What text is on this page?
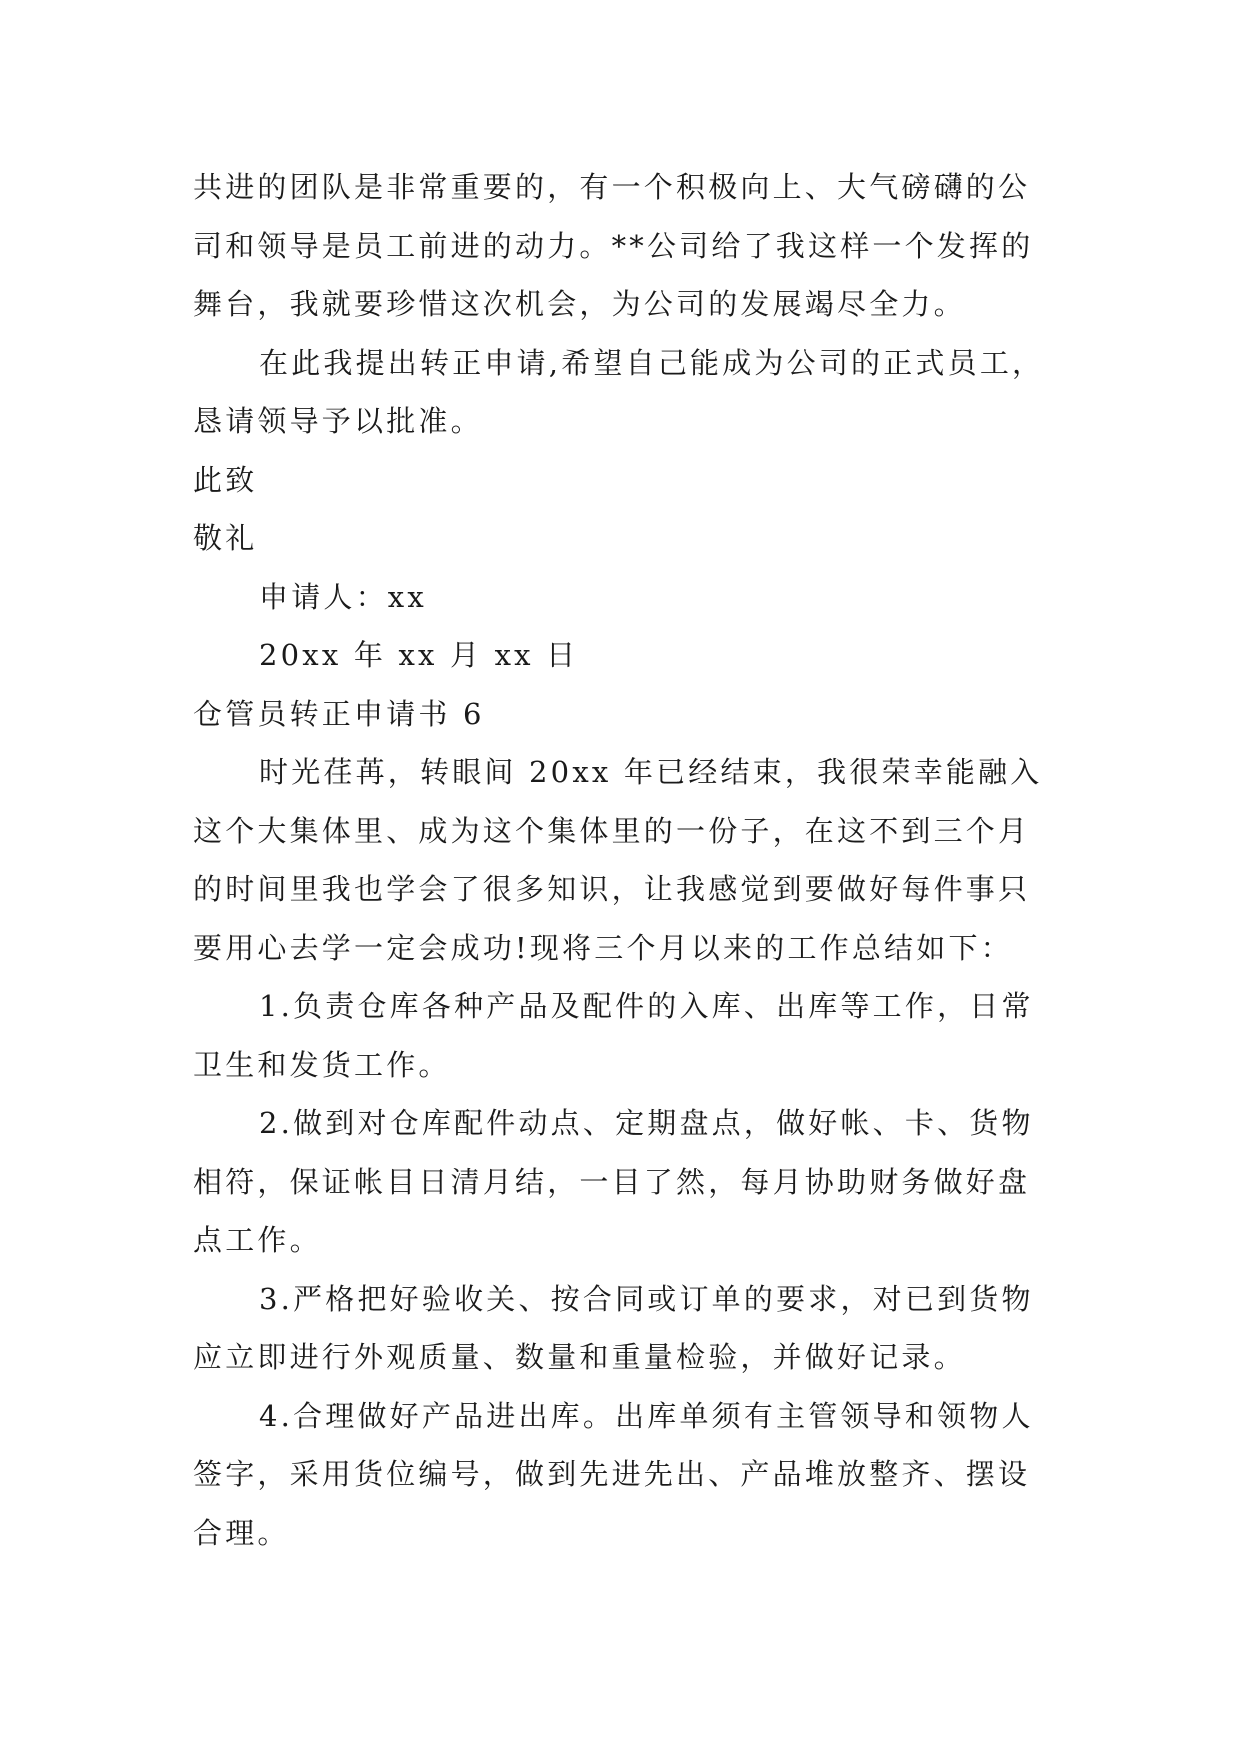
共进的团队是非常重要的，有一个积极向上、大气磅礴的公
司和领导是员工前进的动力。**公司给了我这样一个发挥的
舞台，我就要珍惜这次机会，为公司的发展竭尽全力。
在此我提出转正申请,希望自己能成为公司的正式员工，
恳请领导予以批准。
此致
敬礼
申请人：xx
20xx 年 xx 月 xx 日
仓管员转正申请书 6
时光荏苒，转眼间 20xx 年已经结束，我很荣幸能融入
这个大集体里、成为这个集体里的一份子，在这不到三个月
的时间里我也学会了很多知识，让我感觉到要做好每件事只
要用心去学一定会成功!现将三个月以来的工作总结如下：
1.负责仓库各种产品及配件的入库、出库等工作，日常
卫生和发货工作。
2.做到对仓库配件动点、定期盘点，做好帐、卡、货物
相符，保证帐目日清月结，一目了然，每月协助财务做好盘
点工作。
3.严格把好验收关、按合同或订单的要求，对已到货物
应立即进行外观质量、数量和重量检验，并做好记录。
4.合理做好产品进出库。出库单须有主管领导和领物人
签字，采用货位编号，做到先进先出、产品堆放整齐、摆设
合理。
